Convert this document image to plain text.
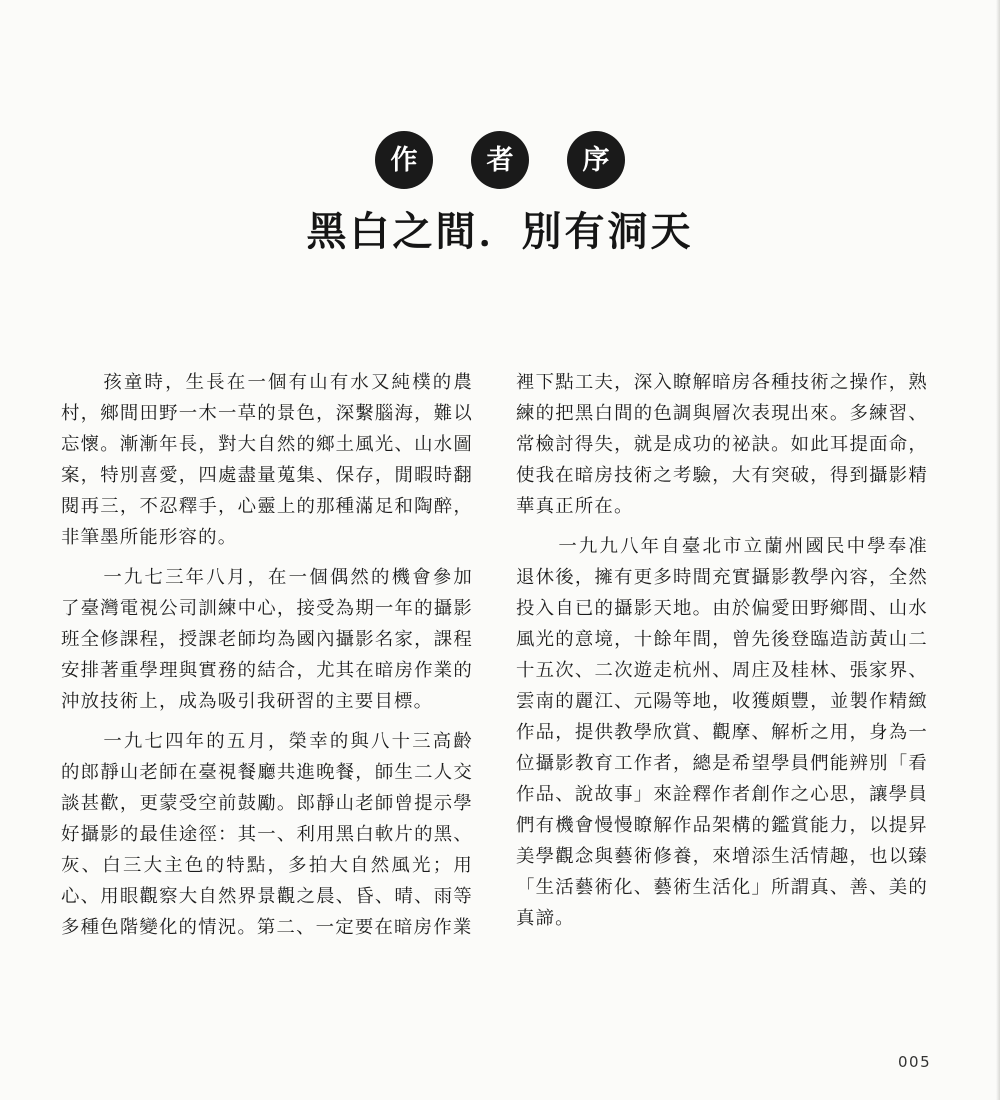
作	者	序
黑白之間．別有洞天

孩童時，生長在一個有山有水又純樸的農村，鄉間田野一木一草的景色，深繫腦海，難以忘懷。漸漸年長，對大自然的鄉土風光、山水圖案，特別喜愛，四處盡量蒐集、保存，閒暇時翻閱再三，不忍釋手，心靈上的那種滿足和陶醉，非筆墨所能形容的。

一九七三年八月，在一個偶然的機會參加了臺灣電視公司訓練中心，接受為期一年的攝影班全修課程，授課老師均為國內攝影名家，課程安排著重學理與實務的結合，尤其在暗房作業的沖放技術上，成為吸引我研習的主要目標。

一九七四年的五月，榮幸的與八十三高齡的郎靜山老師在臺視餐廳共進晚餐，師生二人交談甚歡，更蒙受空前鼓勵。郎靜山老師曾提示學好攝影的最佳途徑：其一、利用黑白軟片的黑、灰、白三大主色的特點，多拍大自然風光；用心、用眼觀察大自然界景觀之晨、昏、晴、雨等多種色階變化的情況。第二、一定要在暗房作業

裡下點工夫，深入瞭解暗房各種技術之操作，熟練的把黑白間的色調與層次表現出來。多練習、常檢討得失，就是成功的祕訣。如此耳提面命，使我在暗房技術之考驗，大有突破，得到攝影精華真正所在。

一九九八年自臺北市立蘭州國民中學奉准退休後，擁有更多時間充實攝影教學內容，全然投入自已的攝影天地。由於偏愛田野鄉間、山水風光的意境，十餘年間，曾先後登臨造訪黃山二十五次、二次遊走杭州、周庄及桂林、張家界、雲南的麗江、元陽等地，收獲頗豐，並製作精緻作品，提供教學欣賞、觀摩、解析之用，身為一位攝影教育工作者，總是希望學員們能辨別「看作品、說故事」來詮釋作者創作之心思，讓學員們有機會慢慢瞭解作品架構的鑑賞能力，以提昇美學觀念與藝術修養，來增添生活情趣，也以臻「生活藝術化、藝術生活化」所謂真、善、美的真諦。

005
